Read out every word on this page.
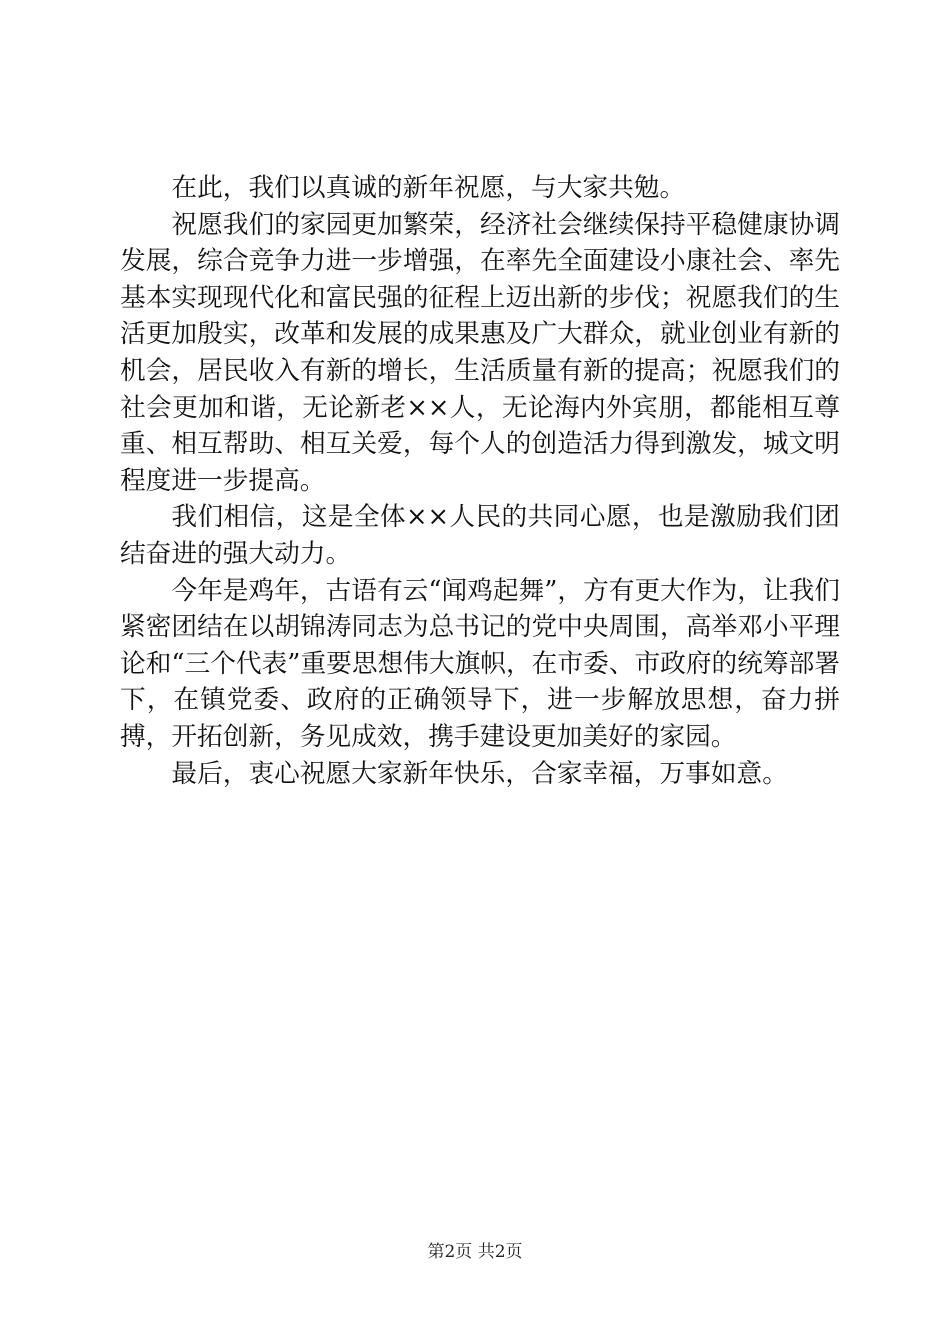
在此，我们以真诚的新年祝愿，与大家共勉。

祝愿我们的家园更加繁荣，经济社会继续保持平稳健康协调发展，综合竞争力进一步增强，在率先全面建设小康社会、率先基本实现现代化和富民强的征程上迈出新的步伐；祝愿我们的生活更加殷实，改革和发展的成果惠及广大群众，就业创业有新的机会，居民收入有新的增长，生活质量有新的提高；祝愿我们的社会更加和谐，无论新老××人，无论海内外宾朋，都能相互尊重、相互帮助、相互关爱，每个人的创造活力得到激发，城文明程度进一步提高。

我们相信，这是全体××人民的共同心愿，也是激励我们团结奋进的强大动力。

今年是鸡年，古语有云“闻鸡起舞”，方有更大作为，让我们紧密团结在以胡锦涛同志为总书记的党中央周围，高举邓小平理论和“三个代表”重要思想伟大旗帜，在市委、市政府的统筹部署下，在镇党委、政府的正确领导下，进一步解放思想，奋力拼搏，开拓创新，务见成效，携手建设更加美好的家园。

最后，衷心祝愿大家新年快乐，合家幸福，万事如意。

第2页 共2页
